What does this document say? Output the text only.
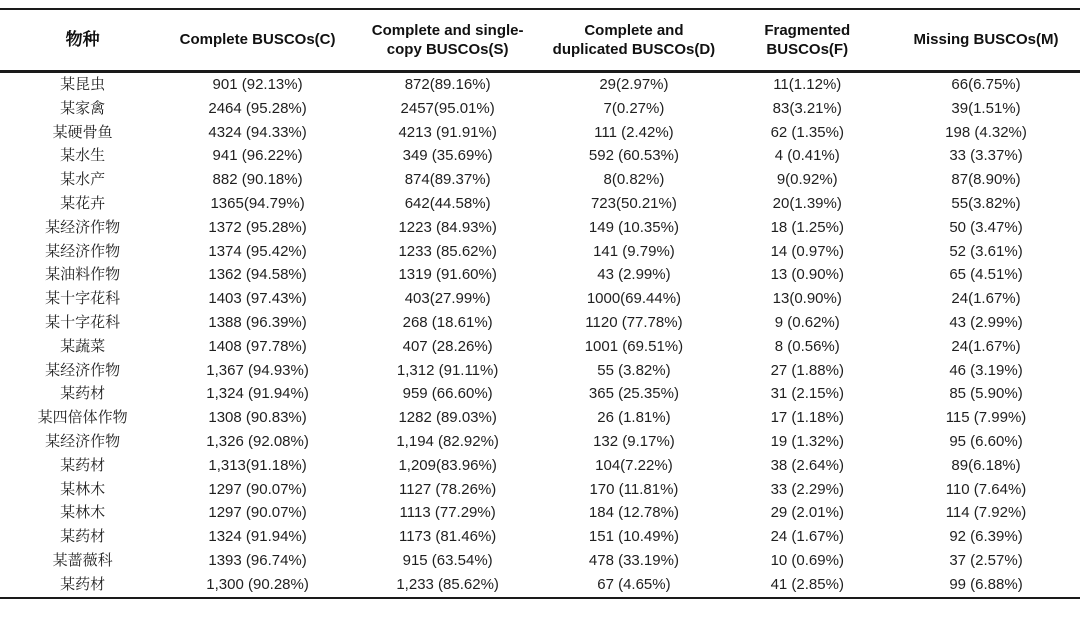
物种	Complete BUSCOs(C)	Complete and single-copy BUSCOs(S)	Complete and duplicated BUSCOs(D)	Fragmented BUSCOs(F)	Missing BUSCOs(M)
某昆虫	901 (92.13%)	872(89.16%)	29(2.97%)	11(1.12%)	66(6.75%)
某家禽	2464 (95.28%)	2457(95.01%)	7(0.27%)	83(3.21%)	39(1.51%)
某硬骨鱼	4324 (94.33%)	4213 (91.91%)	111 (2.42%)	62 (1.35%)	198 (4.32%)
某水生	941 (96.22%)	349 (35.69%)	592 (60.53%)	4 (0.41%)	33 (3.37%)
某水产	882 (90.18%)	874(89.37%)	8(0.82%)	9(0.92%)	87(8.90%)
某花卉	1365(94.79%)	642(44.58%)	723(50.21%)	20(1.39%)	55(3.82%)
某经济作物	1372 (95.28%)	1223 (84.93%)	149 (10.35%)	18 (1.25%)	50 (3.47%)
某经济作物	1374 (95.42%)	1233 (85.62%)	141 (9.79%)	14 (0.97%)	52 (3.61%)
某油料作物	1362 (94.58%)	1319 (91.60%)	43 (2.99%)	13 (0.90%)	65 (4.51%)
某十字花科	1403 (97.43%)	403(27.99%)	1000(69.44%)	13(0.90%)	24(1.67%)
某十字花科	1388 (96.39%)	268 (18.61%)	1120 (77.78%)	9 (0.62%)	43 (2.99%)
某蔬菜	1408 (97.78%)	407 (28.26%)	1001 (69.51%)	8 (0.56%)	24(1.67%)
某经济作物	1,367 (94.93%)	1,312 (91.11%)	55 (3.82%)	27 (1.88%)	46 (3.19%)
某药材	1,324 (91.94%)	959 (66.60%)	365 (25.35%)	31 (2.15%)	85 (5.90%)
某四倍体作物	1308 (90.83%)	1282 (89.03%)	26 (1.81%)	17 (1.18%)	115 (7.99%)
某经济作物	1,326 (92.08%)	1,194 (82.92%)	132 (9.17%)	19 (1.32%)	95 (6.60%)
某药材	1,313(91.18%)	1,209(83.96%)	104(7.22%)	38 (2.64%)	89(6.18%)
某林木	1297 (90.07%)	1127 (78.26%)	170 (11.81%)	33 (2.29%)	110 (7.64%)
某林木	1297 (90.07%)	1113 (77.29%)	184 (12.78%)	29 (2.01%)	114 (7.92%)
某药材	1324 (91.94%)	1173 (81.46%)	151 (10.49%)	24 (1.67%)	92 (6.39%)
某蔷薇科	1393 (96.74%)	915 (63.54%)	478 (33.19%)	10 (0.69%)	37 (2.57%)
某药材	1,300 (90.28%)	1,233 (85.62%)	67 (4.65%)	41 (2.85%)	99 (6.88%)
